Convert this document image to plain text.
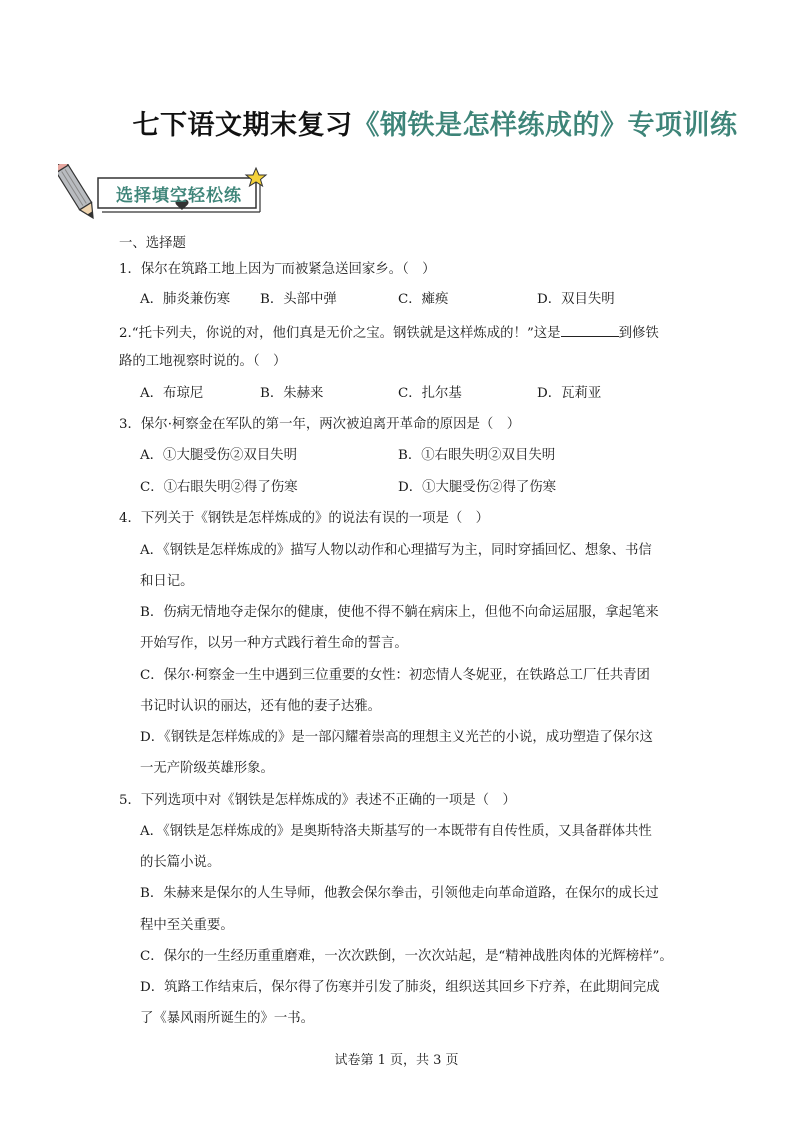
七下语文期末复习《钢铁是怎样练成的》专项训练
选择填空轻松练
一、选择题
1．保尔在筑路工地上因为‾而被紧急送回家乡。（　）
A．肺炎兼伤寒 B．头部中弹	C．瘫痪	D．双目失明
2.“托卡列夫，你说的对，他们真是无价之宝。钢铁就是这样炼成的！”这是	到修铁
路的工地视察时说的。（　）
A．布琼尼	B．朱赫来	C．扎尔基	D．瓦莉亚
3．保尔·柯察金在军队的第一年，两次被迫离开革命的原因是（　）
A．①大腿受伤②双目失明	B．①右眼失明②双目失明
C．①右眼失明②得了伤寒	D．①大腿受伤②得了伤寒
4．下列关于《钢铁是怎样炼成的》的说法有误的一项是（　）
A．《钢铁是怎样炼成的》描写人物以动作和心理描写为主，同时穿插回忆、想象、书信
和日记。
B．伤病无情地夺走保尔的健康，使他不得不躺在病床上，但他不向命运屈服，拿起笔来
开始写作，以另一种方式践行着生命的誓言。
C．保尔·柯察金一生中遇到三位重要的女性：初恋情人冬妮亚，在铁路总工厂任共青团
书记时认识的丽达，还有他的妻子达雅。
D．《钢铁是怎样炼成的》是一部闪耀着崇高的理想主义光芒的小说，成功塑造了保尔这
一无产阶级英雄形象。
5．下列选项中对《钢铁是怎样炼成的》表述不正确的一项是（　）
A．《钢铁是怎样炼成的》是奥斯特洛夫斯基写的一本既带有自传性质，又具备群体共性
的长篇小说。
B．朱赫来是保尔的人生导师，他教会保尔拳击，引领他走向革命道路，在保尔的成长过
程中至关重要。
C．保尔的一生经历重重磨难，一次次跌倒，一次次站起，是“精神战胜肉体的光辉榜样”。
D．筑路工作结束后，保尔得了伤寒并引发了肺炎，组织送其回乡下疗养，在此期间完成
了《暴风雨所诞生的》一书。
试卷第 1 页，共 3 页
